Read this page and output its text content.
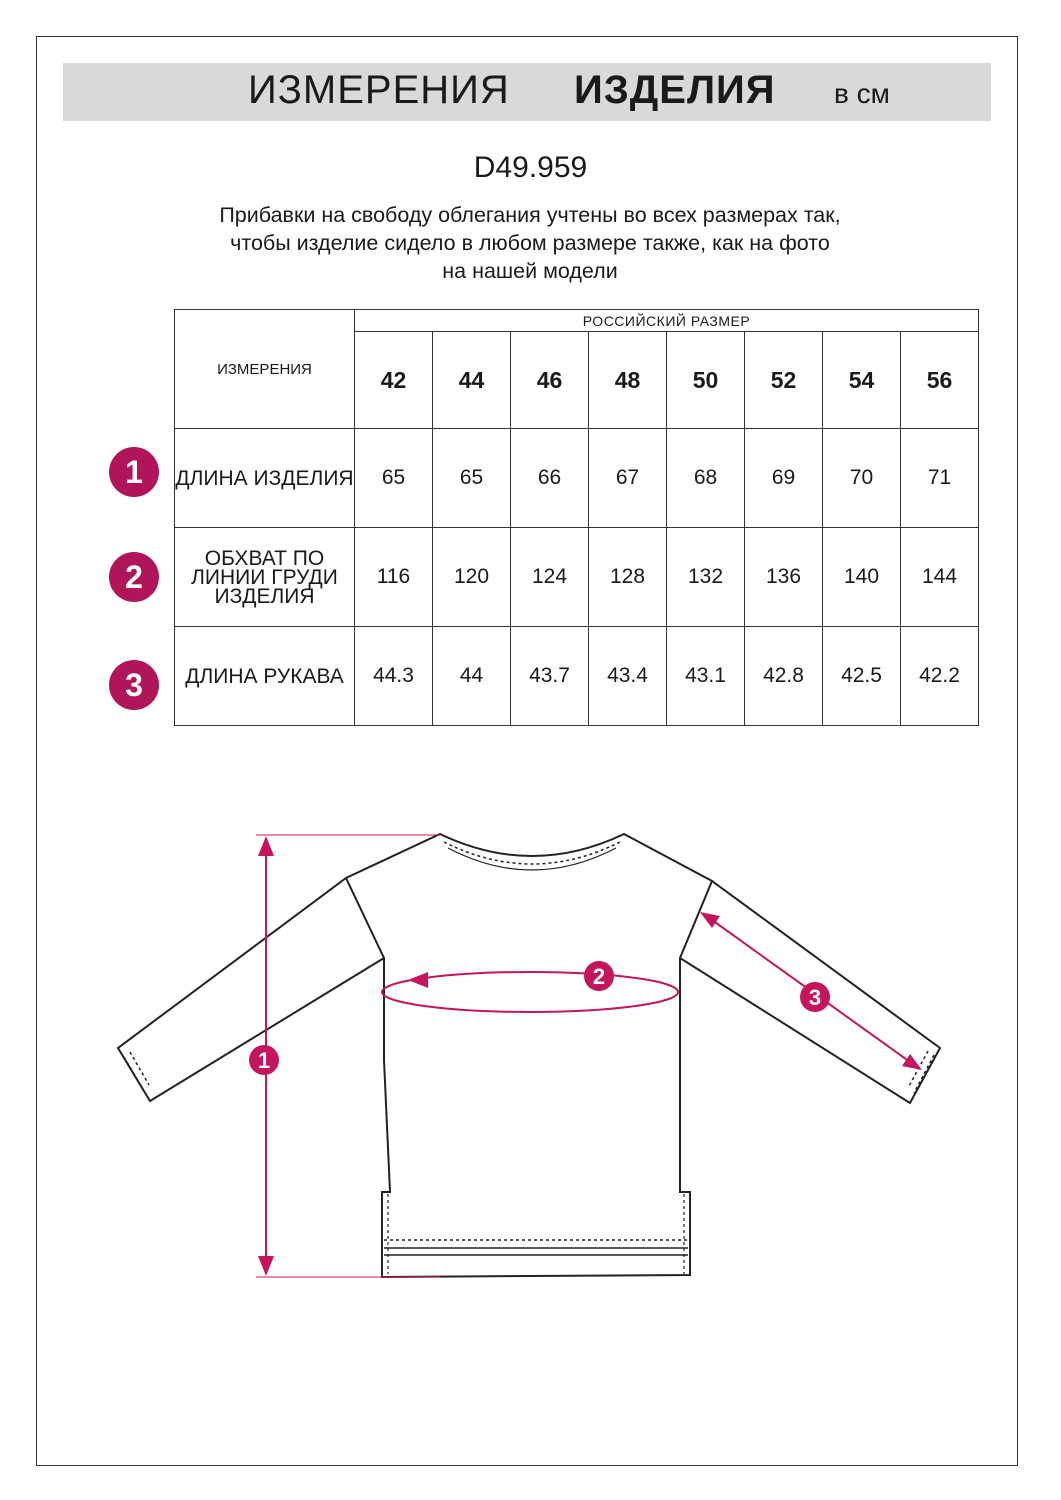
ИЗМЕРЕНИЯ ИЗДЕЛИЯ в см
D49.959
Прибавки на свободу облегания учтены во всех размерах так,
чтобы изделие сидело в любом размере также, как на фото
на нашей модели
ИЗМЕРЕНИЯ	РОССИЙСКИЙ РАЗМЕР							
	42	44	46	48	50	52	54	56
ДЛИНА ИЗДЕЛИЯ	65	65	66	67	68	69	70	71
ОБХВАТ ПО ЛИНИИ ГРУДИ ИЗДЕЛИЯ	116	120	124	128	132	136	140	144
ДЛИНА РУКАВА	44.3	44	43.7	43.4	43.1	42.8	42.5	42.2
1
2
3
1
2
3
